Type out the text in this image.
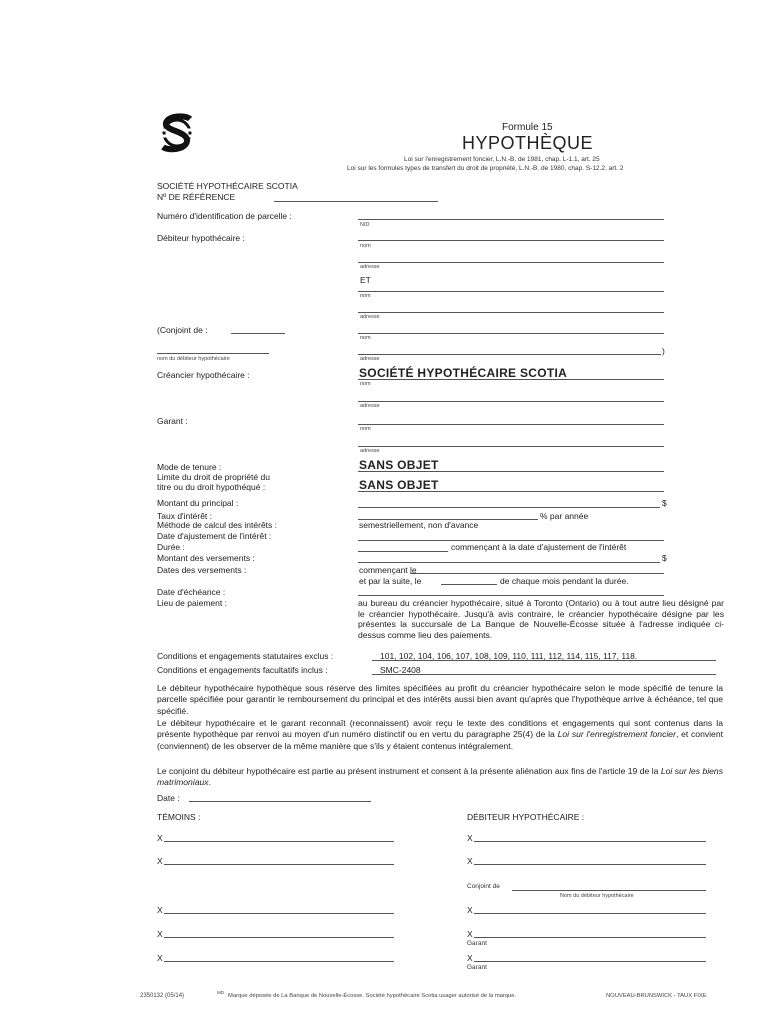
Formule 15
HYPOTHÈQUE
Loi sur l'enregistrement foncier, L.N.-B. de 1981, chap. L-1.1, art. 25
Loi sur les formules types de transfert du droit de propriété, L.N.-B. de 1980, chap. S-12.2, art. 2
SOCIÉTÉ HYPOTHÉCAIRE SCOTIA
Nº DE RÉFÉRENCE
Numéro d'identification de parcelle :
NID
Débiteur hypothécaire :
nom
adresse
ET
nom
adresse
(Conjoint de :
nom
nom du débiteur hypothécaire
)
adresse
Créancier hypothécaire :	SOCIÉTÉ HYPOTHÉCAIRE SCOTIA
nom
adresse
Garant :
nom
adresse
Mode de tenure :	SANS OBJET
Limite du droit de propriété du
titre ou du droit hypothéqué :	SANS OBJET
Montant du principal :	$
Taux d'intérêt :	% par année
Méthode de calcul des intérêts :	semestriellement, non d'avance
Date d'ajustement de l'intérêt :
Durée :	commençant à la date d'ajustement de l'intérêt
Montant des versements :	$
Dates des versements :	commençant le
et par la suite, le	de chaque mois pendant la durée.
Date d'échéance :
Lieu de paiement :	au bureau du créancier hypothécaire, situé à Toronto (Ontario) ou à tout autre lieu désigné par le créancier hypothécaire. Jusqu'à avis contraire, le créancier hypothécaire désigne par les présentes la succursale de La Banque de Nouvelle-Écosse située à l'adresse indiquée ci-dessus comme lieu des paiements.
Conditions et engagements statutaires exclus :	101, 102, 104, 106, 107, 108, 109, 110, 111, 112, 114, 115, 117, 118.
Conditions et engagements facultatifs inclus :	SMC-2408
Le débiteur hypothécaire hypothèque sous réserve des limites spécifiées au profit du créancier hypothécaire selon le mode spécifié de tenure la parcelle spécifiée pour garantir le remboursement du principal et des intérêts aussi bien avant qu'après que l'hypothèque arrive à échéance, tel que spécifié.
Le débiteur hypothécaire et le garant reconnaît (reconnaissent) avoir reçu le texte des conditions et engagements qui sont contenus dans la présente hypothèque par renvoi au moyen d'un numéro distinctif ou en vertu du paragraphe 25(4) de la Loi sur l'enregistrement foncier, et convient (conviennent) de les observer de la même manière que s'ils y étaient contenus intégralement.
Le conjoint du débiteur hypothécaire est partie au présent instrument et consent à la présente aliénation aux fins de l'article 19 de la Loi sur les biens matrimoniaux.
Date :
TÉMOINS :	DÉBITEUR HYPOTHÉCAIRE :
X
X
X
X
X
X
X
Conjoint de
Nom du débiteur hypothécaire
X
X
Garant
X
Garant
2350132 (05/14)
MD
Marque déposée de La Banque de Nouvelle-Écosse. Société hypothécaire Scotia usager autorisé de la marque.	NOUVEAU-BRUNSWICK - TAUX FIXE
